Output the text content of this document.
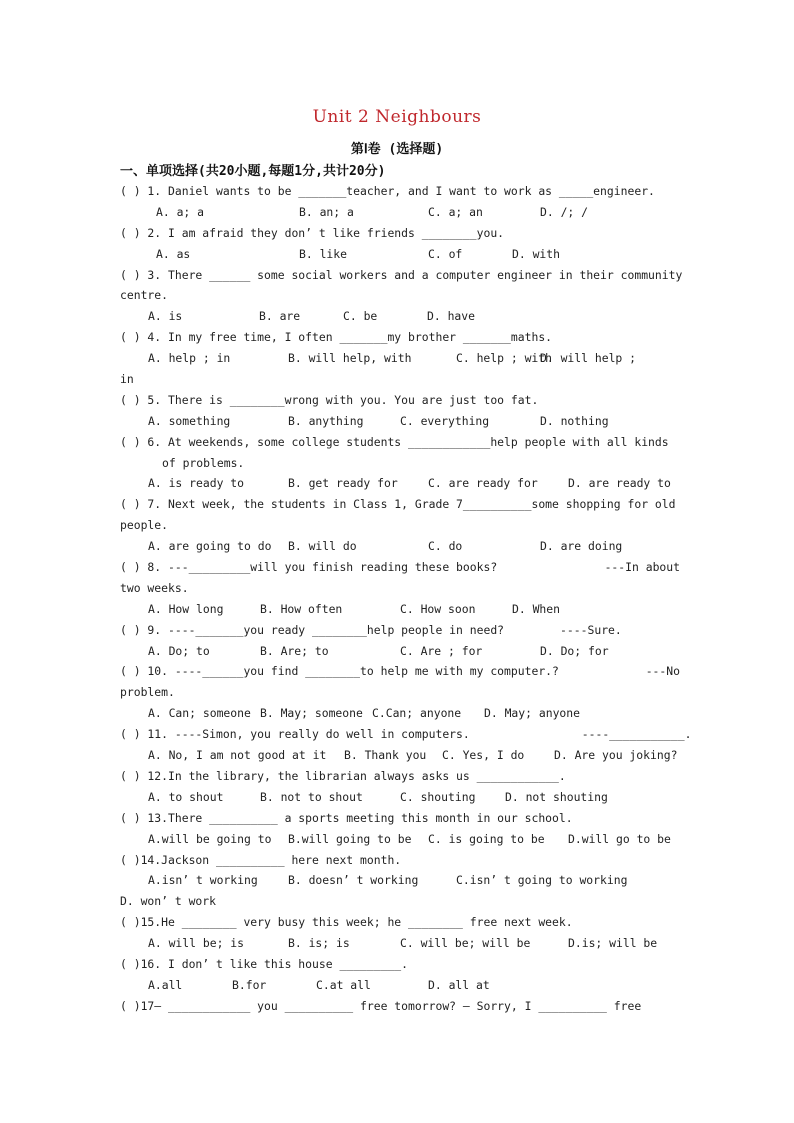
Unit 2 Neighbours
第Ⅰ卷 (选择题)
一、单项选择(共20小题,每题1分,共计20分)
( ) 1. Daniel wants to be _______teacher, and I want to work as _____engineer.
A. a; a	B. an; a	C. a; an	D. /; /
( ) 2. I am afraid they don’ t like friends ________you.
A. as	B. like	C. of	D. with
( ) 3. There ______ some social workers and a computer engineer in their community
centre.
A. is	B. are	C. be	D. have
( ) 4. In my free time, I often _______my brother _______maths.
A. help ; in	B. will help, with	C. help ; withD. will help ;
in
( ) 5. There is ________wrong with you. You are just too fat.
A. something	B. anything	C. everything	D. nothing
( ) 6. At weekends, some college students ____________help people with all kinds
of problems.
A. is ready to	B. get ready for	C. are ready for	D. are ready to
( ) 7. Next week, the students in Class 1, Grade 7__________some shopping for old
people.
A. are going to do B. will do	C. do	D. are doing
( ) 8. ---_________will you finish reading these books?	---In about
two weeks.
A. How long	B. How often	C. How soon	D. When
( ) 9. ----_______you ready ________help people in need?	----Sure.
A. Do; to	B. Are; to	C. Are ; for	D. Do; for
( ) 10. ----______you find ________to help me with my computer.?	---No
problem.
A. Can; someone B. May; someone C.Can; anyone D. May; anyone
( ) 11. ----Simon, you really do well in computers.	----___________.
A. No, I am not good at it B. Thank you C. Yes, I do	D. Are you joking?
( ) 12.In the library, the librarian always asks us ____________.
A. to shout	B. not to shout	C. shouting	D. not shouting
( ) 13.There __________ a sports meeting this month in our school.
A.will be going to B.will going to be C. is going to be D.will go to be
( )14.Jackson __________ here next month.
A.isn’ t working	B. doesn’ t working	C.isn’ t going to working
D. won’ t work
( )15.He ________ very busy this week; he ________ free next week.
A. will be; is	B. is; is	C. will be; will be	D.is; will be
( )16. I don’ t like this house _________.
A.all	B.for	C.at all	D. all at
( )17— ____________ you __________ free tomorrow? — Sorry, I __________ free
